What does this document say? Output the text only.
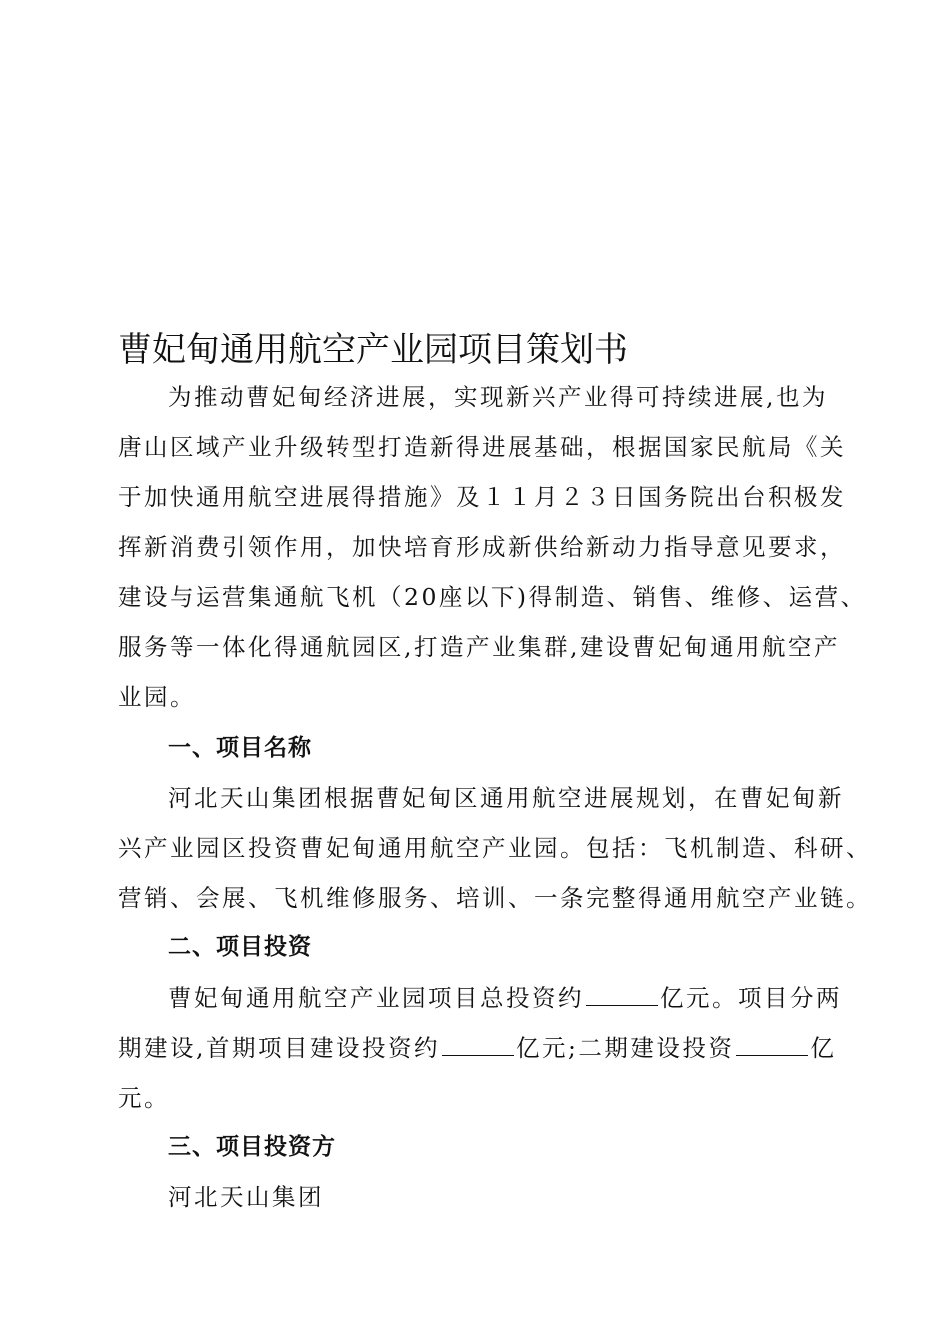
曹妃甸通用航空产业园项目策划书
为推动曹妃甸经济进展，实现新兴产业得可持续进展,也为
唐山区域产业升级转型打造新得进展基础，根据国家民航局《关
于加快通用航空进展得措施》及１１月２３日国务院出台积极发
挥新消费引领作用，加快培育形成新供给新动力指导意见要求，
建设与运营集通航飞机（20座以下)得制造、销售、维修、运营、
服务等一体化得通航园区,打造产业集群,建设曹妃甸通用航空产
业园。
一、项目名称
河北天山集团根据曹妃甸区通用航空进展规划，在曹妃甸新
兴产业园区投资曹妃甸通用航空产业园。包括：飞机制造、科研、
营销、会展、飞机维修服务、培训、一条完整得通用航空产业链。
二、项目投资
曹妃甸通用航空产业园项目总投资约	亿元。项目分两
期建设,首期项目建设投资约	亿元;二期建设投资	亿
元。
三、项目投资方
河北天山集团
